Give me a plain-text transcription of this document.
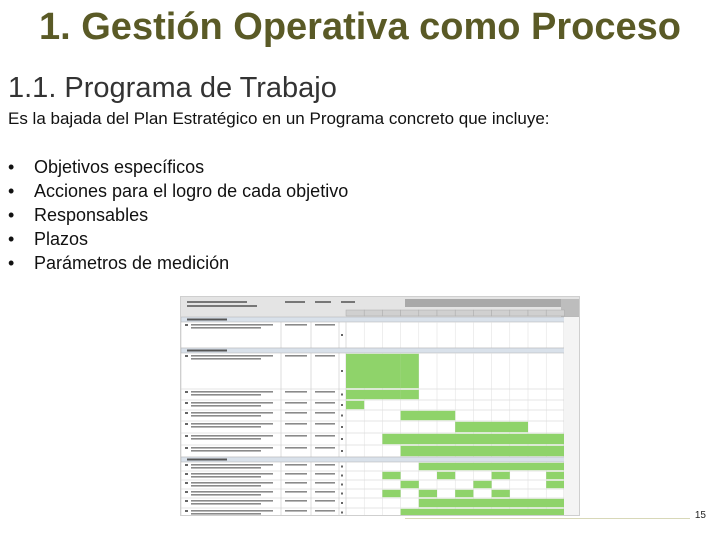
1. Gestión Operativa como Proceso
1.1. Programa de Trabajo
Es la bajada del Plan Estratégico en un Programa concreto que incluye:
• Objetivos específicos
• Acciones para el logro de cada objetivo
• Responsables
• Plazos
• Parámetros de medición
15
